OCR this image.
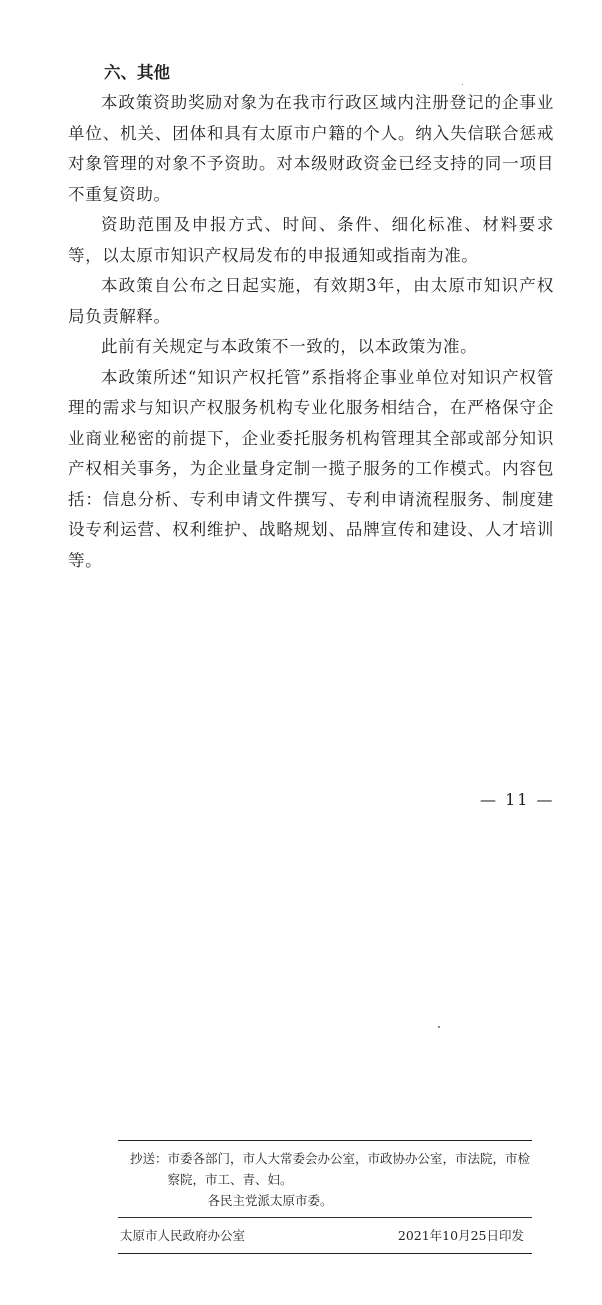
六、其他

本政策资助奖励对象为在我市行政区域内注册登记的企事业单位、机关、团体和具有太原市户籍的个人。纳入失信联合惩戒对象管理的对象不予资助。对本级财政资金已经支持的同一项目不重复资助。

资助范围及申报方式、时间、条件、细化标准、材料要求等，以太原市知识产权局发布的申报通知或指南为准。

本政策自公布之日起实施，有效期3年，由太原市知识产权局负责解释。

此前有关规定与本政策不一致的，以本政策为准。

本政策所述“知识产权托管”系指将企事业单位对知识产权管理的需求与知识产权服务机构专业化服务相结合，在严格保守企业商业秘密的前提下，企业委托服务机构管理其全部或部分知识产权相关事务，为企业量身定制一揽子服务的工作模式。内容包括：信息分析、专利申请文件撰写、专利申请流程服务、制度建设专利运营、权利维护、战略规划、品牌宣传和建设、人才培训等。

— 11 —
抄送： 市委各部门，市人大常委会办公室，市政协办公室，市法院，市检察院，市工、青、妇。
各民主党派太原市委。
太原市人民政府办公室	2021年10月25日印发
